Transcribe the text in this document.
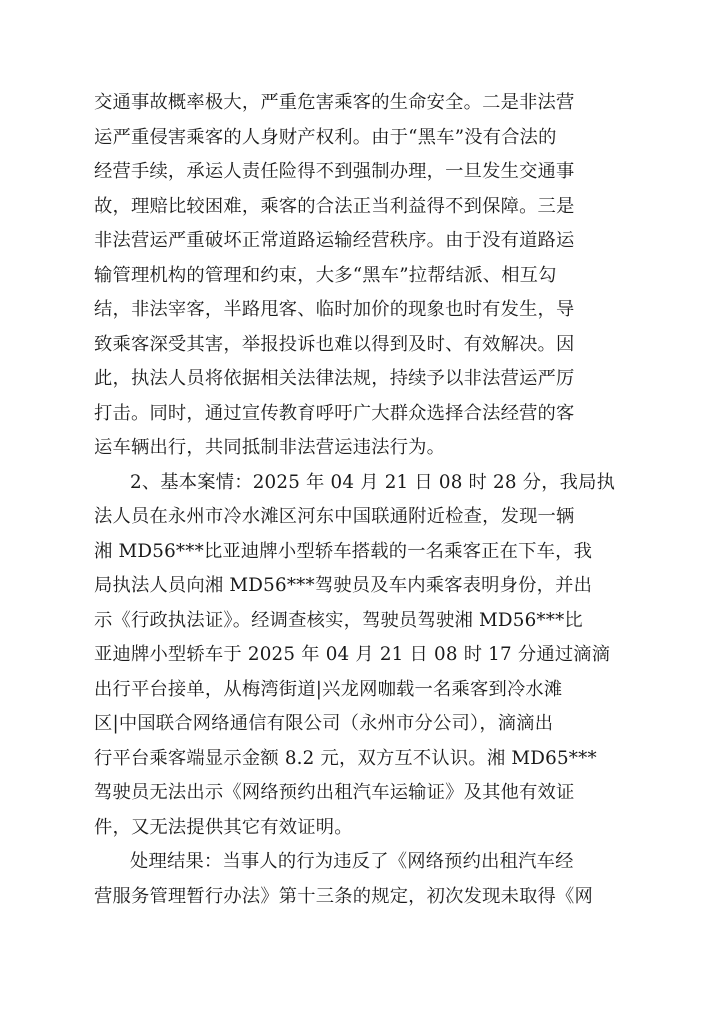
交通事故概率极大，严重危害乘客的生命安全。二是非法营
运严重侵害乘客的人身财产权利。由于“黑车”没有合法的
经营手续，承运人责任险得不到强制办理，一旦发生交通事
故，理赔比较困难，乘客的合法正当利益得不到保障。三是
非法营运严重破坏正常道路运输经营秩序。由于没有道路运
输管理机构的管理和约束，大多“黑车”拉帮结派、相互勾
结，非法宰客，半路甩客、临时加价的现象也时有发生，导
致乘客深受其害，举报投诉也难以得到及时、有效解决。因
此，执法人员将依据相关法律法规，持续予以非法营运严厉
打击。同时，通过宣传教育呼吁广大群众选择合法经营的客
运车辆出行，共同抵制非法营运违法行为。
2、基本案情：2025 年 04 月 21 日 08 时 28 分，我局执
法人员在永州市冷水滩区河东中国联通附近检查，发现一辆
湘 MD56***比亚迪牌小型轿车搭载的一名乘客正在下车，我
局执法人员向湘 MD56***驾驶员及车内乘客表明身份，并出
示《行政执法证》。经调查核实，驾驶员驾驶湘 MD56***比
亚迪牌小型轿车于 2025 年 04 月 21 日 08 时 17 分通过滴滴
出行平台接单，从梅湾街道|兴龙网咖载一名乘客到冷水滩
区|中国联合网络通信有限公司（永州市分公司），滴滴出
行平台乘客端显示金额 8.2 元，双方互不认识。湘 MD65***
驾驶员无法出示《网络预约出租汽车运输证》及其他有效证
件，又无法提供其它有效证明。
处理结果：当事人的行为违反了《网络预约出租汽车经
营服务管理暂行办法》第十三条的规定，初次发现未取得《网
